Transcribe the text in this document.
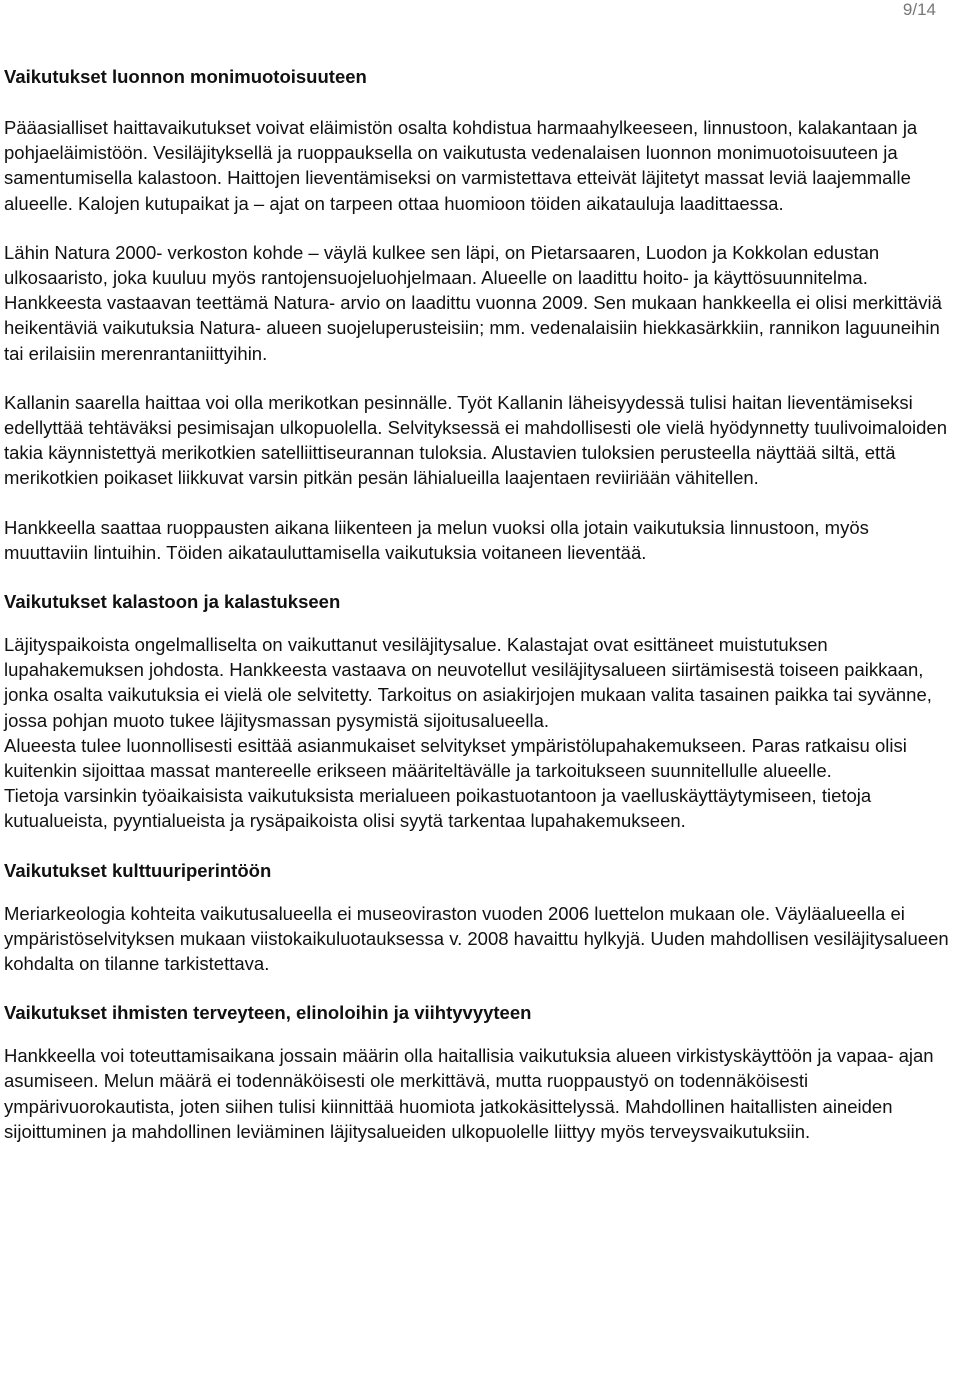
9/14
Vaikutukset luonnon monimuotoisuuteen

Pääasialliset haittavaikutukset voivat eläimistön osalta kohdistua harmaahylkeeseen, linnustoon, kalakantaan ja pohjaeläimistöön. Vesiläjityksellä ja ruoppauksella on vaikutusta vedenalaisen luonnon monimuotoisuuteen ja samentumisella kalastoon. Haittojen lieventämiseksi on varmistettava etteivät läjitetyt massat leviä laajemmalle alueelle. Kalojen kutupaikat ja – ajat on tarpeen ottaa huomioon töiden aikatauluja laadittaessa.

Lähin Natura 2000- verkoston kohde – väylä kulkee sen läpi, on Pietarsaaren, Luodon ja Kokkolan edustan ulkosaaristo, joka kuuluu myös rantojensuojeluohjelmaan. Alueelle on laadittu hoito- ja käyttösuunnitelma.

Hankkeesta vastaavan teettämä Natura- arvio on laadittu vuonna 2009. Sen mukaan hankkeella ei olisi merkittäviä heikentäviä vaikutuksia Natura- alueen suojeluperusteisiin; mm. vedenalaisiin hiekkasärkkiin, rannikon laguuneihin tai erilaisiin merenrantaniittyihin.

Kallanin saarella haittaa voi olla merikotkan pesinnälle. Työt Kallanin läheisyydessä tulisi haitan lieventämiseksi edellyttää tehtäväksi pesimisajan ulkopuolella. Selvityksessä ei mahdollisesti ole vielä hyödynnetty tuulivoimaloiden takia käynnistettyä merikotkien satelliittiseurannan tuloksia. Alustavien tuloksien perusteella näyttää siltä, että merikotkien poikaset liikkuvat varsin pitkän pesän lähialueilla laajentaen reviiriään vähitellen.

Hankkeella saattaa ruoppausten aikana liikenteen ja melun vuoksi olla jotain vaikutuksia linnustoon, myös muuttaviin lintuihin. Töiden aikatauluttamisella vaikutuksia voitaneen lieventää.

Vaikutukset kalastoon ja kalastukseen

Läjityspaikoista ongelmalliselta on vaikuttanut vesiläjitysalue. Kalastajat ovat esittäneet muistutuksen lupahakemuksen johdosta. Hankkeesta vastaava on neuvotellut vesiläjitysalueen siirtämisestä toiseen paikkaan, jonka osalta vaikutuksia ei vielä ole selvitetty. Tarkoitus on asiakirjojen mukaan valita tasainen paikka tai syvänne, jossa pohjan muoto tukee läjitysmassan pysymistä sijoitusalueella.

Alueesta tulee luonnollisesti esittää asianmukaiset selvitykset ympäristölupahakemukseen. Paras ratkaisu olisi kuitenkin sijoittaa massat mantereelle erikseen määriteltävälle ja tarkoitukseen suunnitellulle alueelle.

Tietoja varsinkin työaikaisista vaikutuksista merialueen poikastuotantoon ja vaelluskäyttäytymiseen, tietoja kutualueista, pyyntialueista ja rysäpaikoista olisi syytä tarkentaa lupahakemukseen.

Vaikutukset kulttuuriperintöön

Meriarkeologia kohteita vaikutusalueella ei museoviraston vuoden 2006 luettelon mukaan ole. Väyläalueella ei ympäristöselvityksen mukaan viistokaikuluotauksessa v. 2008 havaittu hylkyjä. Uuden mahdollisen vesiläjitysalueen kohdalta on tilanne tarkistettava.

Vaikutukset ihmisten terveyteen, elinoloihin ja viihtyvyyteen

Hankkeella voi toteuttamisaikana jossain määrin olla haitallisia vaikutuksia alueen virkistyskäyttöön ja vapaa- ajan asumiseen. Melun määrä ei todennäköisesti ole merkittävä, mutta ruoppaustyö on todennäköisesti ympärivuorokautista, joten siihen tulisi kiinnittää huomiota jatkokäsittelyssä. Mahdollinen haitallisten aineiden sijoittuminen ja mahdollinen leviäminen läjitysalueiden ulkopuolelle liittyy myös terveysvaikutuksiin.
